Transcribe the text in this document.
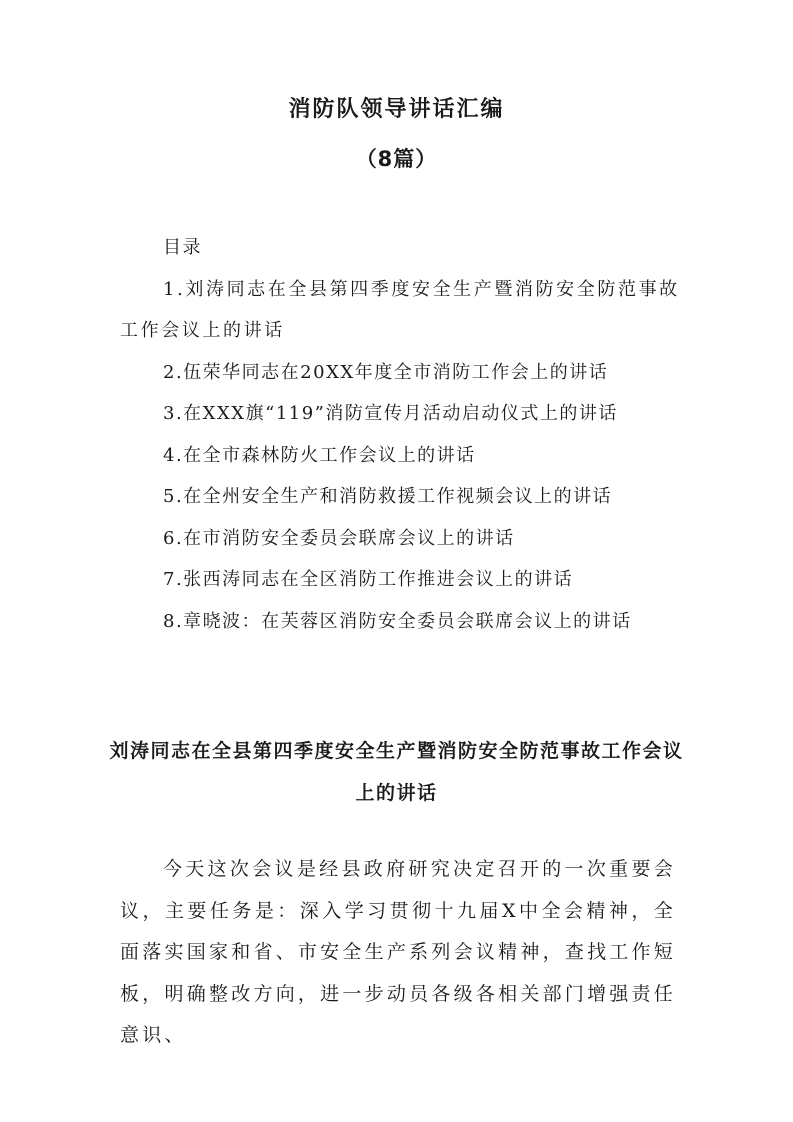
消防队领导讲话汇编
（8篇）
目录
1.刘涛同志在全县第四季度安全生产暨消防安全防范事故工作会议上的讲话
2.伍荣华同志在20XX年度全市消防工作会上的讲话
3.在XXX旗“119”消防宣传月活动启动仪式上的讲话
4.在全市森林防火工作会议上的讲话
5.在全州安全生产和消防救援工作视频会议上的讲话
6.在市消防安全委员会联席会议上的讲话
7.张西涛同志在全区消防工作推进会议上的讲话
8.章晓波：在芙蓉区消防安全委员会联席会议上的讲话
刘涛同志在全县第四季度安全生产暨消防安全防范事故工作会议上的讲话
今天这次会议是经县政府研究决定召开的一次重要会议，主要任务是：深入学习贯彻十九届X中全会精神，全面落实国家和省、市安全生产系列会议精神，查找工作短板，明确整改方向，进一步动员各级各相关部门增强责任意识、
